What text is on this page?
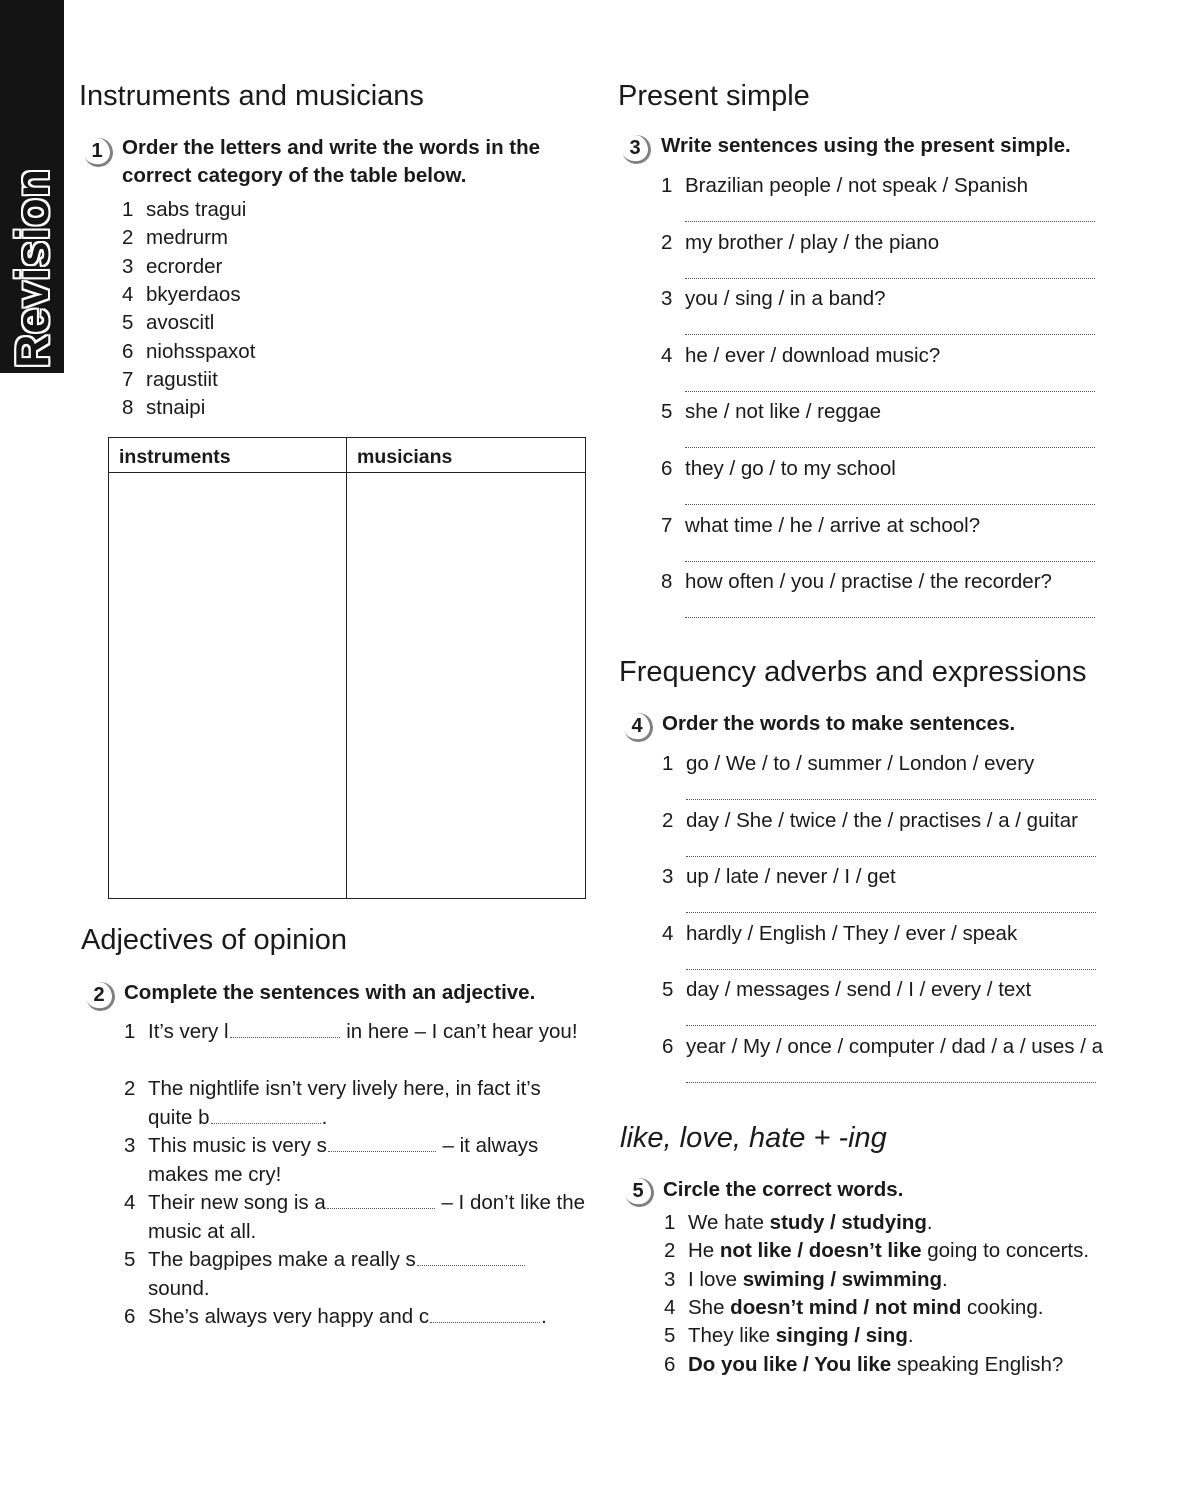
Revision
Instruments and musicians
1 Order the letters and write the words in the
correct category of the table below.
1 sabs tragui
2 medrurm
3 ecrorder
4 bkyerdaos
5 avoscitl
6 niohsspaxot
7 ragustiit
8 stnaipi
instruments	musicians
Adjectives of opinion
2 Complete the sentences with an adjective.
1 It’s very l	in here – I can’t hear you!
2 The nightlife isn’t very lively here, in fact it’s quite b	.
3 This music is very s	– it always makes me cry!
4 Their new song is a	– I don’t like the music at all.
5 The bagpipes make a really s sound.
6 She’s always very happy and c	.
Present simple
3 Write sentences using the present simple.
1 Brazilian people / not speak / Spanish
2 my brother / play / the piano
3 you / sing / in a band?
4 he / ever / download music?
5 she / not like / reggae
6 they / go / to my school
7 what time / he / arrive at school?
8 how often / you / practise / the recorder?
Frequency adverbs and expressions
4 Order the words to make sentences.
1 go / We / to / summer / London / every
2 day / She / twice / the / practises / a / guitar
3 up / late / never / I / get
4 hardly / English / They / ever / speak
5 day / messages / send / I / every / text
6 year / My / once / computer / dad / a / uses / a
like, love, hate + -ing
5 Circle the correct words.
1 We hate study / studying.
2 He not like / doesn’t like going to concerts.
3 I love swiming / swimming.
4 She doesn’t mind / not mind cooking.
5 They like singing / sing.
6 Do you like / You like speaking English?
